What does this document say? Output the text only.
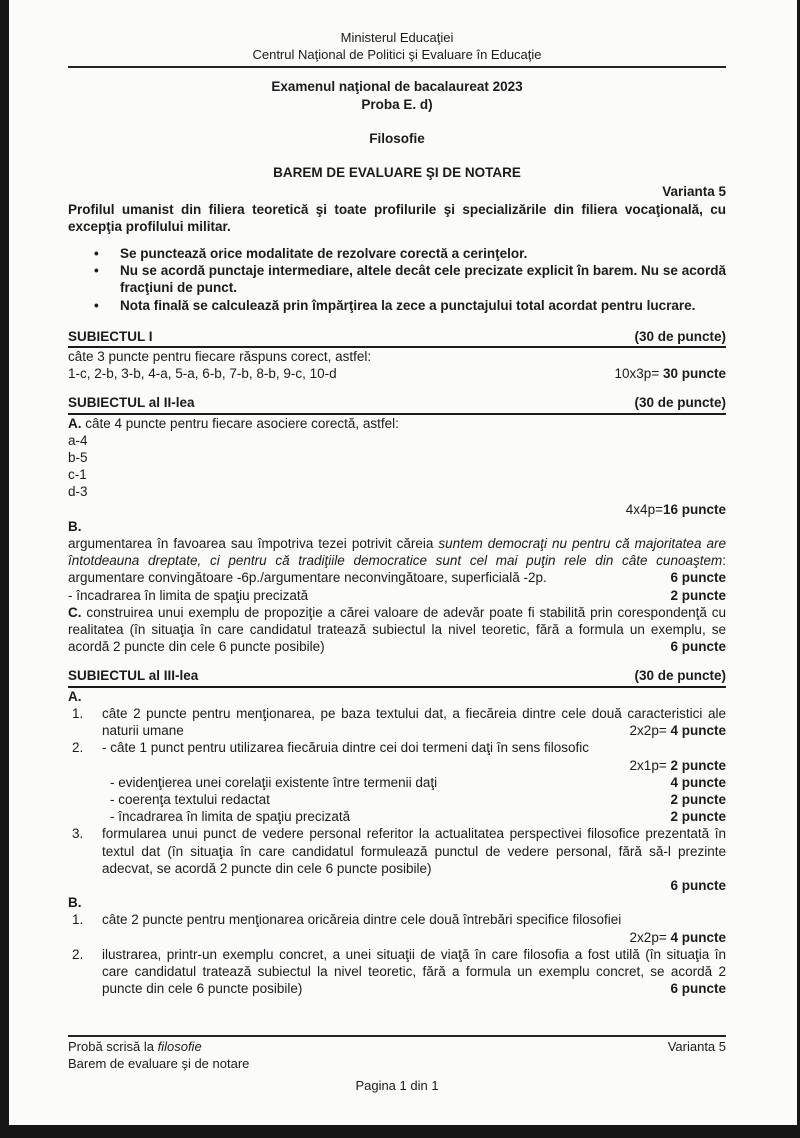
Ministerul Educaţiei
Centrul Naţional de Politici şi Evaluare în Educaţie
Examenul naţional de bacalaureat 2023
Proba E. d)
Filosofie
BAREM DE EVALUARE ŞI DE NOTARE
Varianta 5
Profilul umanist din filiera teoretică şi toate profilurile şi specializările din filiera vocaţională, cu excepţia profilului militar.
•
Se punctează orice modalitate de rezolvare corectă a cerinţelor.
•
Nu se acordă punctaje intermediare, altele decât cele precizate explicit în barem. Nu se acordă fracţiuni de punct.
•
Nota finală se calculează prin împărţirea la zece a punctajului total acordat pentru lucrare.
SUBIECTUL I	(30 de puncte)
câte 3 puncte pentru fiecare răspuns corect, astfel:
1-c, 2-b, 3-b, 4-a, 5-a, 6-b, 7-b, 8-b, 9-c, 10-d	10x3p= 30 puncte
SUBIECTUL al II-lea	(30 de puncte)
A. câte 4 puncte pentru fiecare asociere corectă, astfel:
a-4
b-5
c-1
d-3
4x4p=16 puncte
B.
argumentarea în favoarea sau împotriva tezei potrivit căreia suntem democraţi nu pentru că majoritatea are întotdeauna dreptate, ci pentru că tradiţiile democratice sunt cel mai puţin rele din câte cunoaştem: argumentare convingătoare -6p./argumentare neconvingătoare, superficială -2p.	6 puncte
- încadrarea în limita de spaţiu precizată	2 puncte
C. construirea unui exemplu de propoziţie a cărei valoare de adevăr poate fi stabilită prin corespondenţă cu realitatea (în situaţia în care candidatul tratează subiectul la nivel teoretic, fără a formula un exemplu, se acordă 2 puncte din cele 6 puncte posibile)	6 puncte
SUBIECTUL al III-lea	(30 de puncte)
A.
1.	câte 2 puncte pentru menţionarea, pe baza textului dat, a fiecăreia dintre cele două caracteristici ale naturii umane	2x2p= 4 puncte
2.	- câte 1 punct pentru utilizarea fiecăruia dintre cei doi termeni daţi în sens filosofic
2x1p= 2 puncte
- evidenţierea unei corelaţii existente între termenii daţi	4 puncte
- coerenţa textului redactat	2 puncte
- încadrarea în limita de spaţiu precizată	2 puncte
3.	formularea unui punct de vedere personal referitor la actualitatea perspectivei filosofice prezentată în textul dat (în situaţia în care candidatul formulează punctul de vedere personal, fără să-l prezinte adecvat, se acordă 2 puncte din cele 6 puncte posibile)
6 puncte
B.
1.	câte 2 puncte pentru menţionarea oricăreia dintre cele două întrebări specifice filosofiei
2x2p= 4 puncte
2.	ilustrarea, printr-un exemplu concret, a unei situaţii de viaţă în care filosofia a fost utilă (în situaţia în care candidatul tratează subiectul la nivel teoretic, fără a formula un exemplu concret, se acordă 2 puncte din cele 6 puncte posibile)	6 puncte
Probă scrisă la filosofie	Varianta 5
Barem de evaluare şi de notare
Pagina 1 din 1
